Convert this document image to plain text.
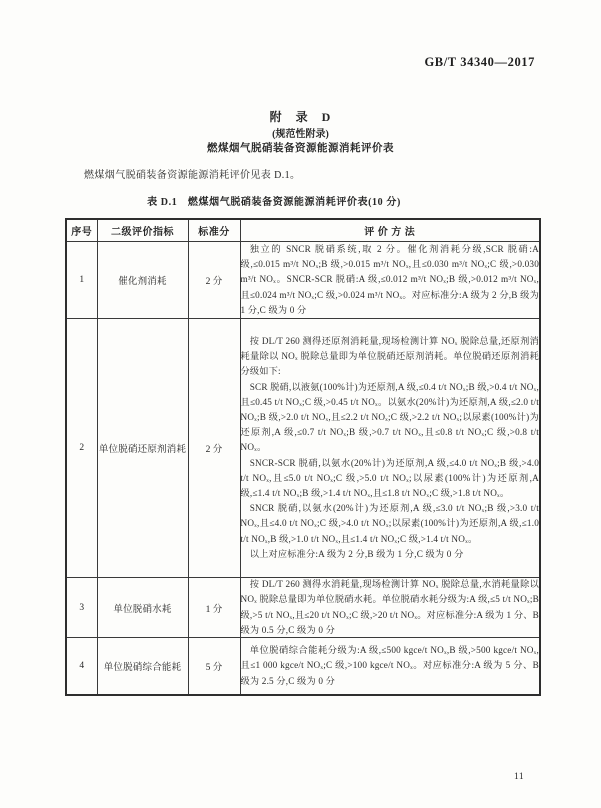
GB/T 34340—2017
附　录　D
(规范性附录)
燃煤烟气脱硝装备资源能源消耗评价表

燃煤烟气脱硝装备资源能源消耗评价见表 D.1。

表 D.1　燃煤烟气脱硝装备资源能源消耗评价表(10 分)
序号	二级评价指标	标准分	评 价 方 法
1	催化剂消耗	2 分	独立的 SNCR 脱硝系统,取 2 分。催化剂消耗分级,SCR 脱硝:A 级,≤0.015 m³/t NOₓ;B 级,>0.015 m³/t NOₓ,且≤0.030 m³/t NOₓ;C 级,>0.030 m³/t NOₓ。SNCR-SCR 脱硝:A 级,≤0.012 m³/t NOₓ;B 级,>0.012 m³/t NOₓ,且≤0.024 m³/t NOₓ;C 级,>0.024 m³/t NOₓ。对应标准分:A 级为 2 分,B 级为 1 分,C 级为 0 分

2	单位脱硝还原剂消耗	2 分	按 DL/T 260 测得还原剂消耗量,现场检测计算 NOₓ 脱除总量,还原剂消耗量除以 NOₓ 脱除总量即为单位脱硝还原剂消耗。单位脱硝还原剂消耗分级如下:

SCR 脱硝,以液氨(100%计)为还原剂,A 级,≤0.4 t/t NOₓ;B 级,>0.4 t/t NOₓ,且≤0.45 t/t NOₓ;C 级,>0.45 t/t NOₓ。以氨水(20%计)为还原剂,A 级,≤2.0 t/t NOₓ;B 级,>2.0 t/t NOₓ,且≤2.2 t/t NOₓ;C 级,>2.2 t/t NOₓ;以尿素(100%计)为还原剂,A 级,≤0.7 t/t NOₓ;B 级,>0.7 t/t NOₓ,且≤0.8 t/t NOₓ;C 级,>0.8 t/t NOₓ。

SNCR-SCR 脱硝,以氨水(20%计)为还原剂,A 级,≤4.0 t/t NOₓ;B 级,>4.0 t/t NOₓ,且≤5.0 t/t NOₓ;C 级,>5.0 t/t NOₓ;以尿素(100%计)为还原剂,A 级,≤1.4 t/t NOₓ;B 级,>1.4 t/t NOₓ,且≤1.8 t/t NOₓ;C 级,>1.8 t/t NOₓ。

SNCR 脱硝,以氨水(20%计)为还原剂,A 级,≤3.0 t/t NOₓ;B 级,>3.0 t/t NOₓ,且≤4.0 t/t NOₓ;C 级,>4.0 t/t NOₓ;以尿素(100%计)为还原剂,A 级,≤1.0 t/t NOₓ,B 级,>1.0 t/t NOₓ,且≤1.4 t/t NOₓ;C 级,>1.4 t/t NOₓ。

以上对应标准分:A 级为 2 分,B 级为 1 分,C 级为 0 分

3	单位脱硝水耗	1 分	按 DL/T 260 测得水消耗量,现场检测计算 NOₓ 脱除总量,水消耗量除以 NOₓ 脱除总量即为单位脱硝水耗。单位脱硝水耗分级为:A 级,≤5 t/t NOₓ;B 级,>5 t/t NOₓ,且≤20 t/t NOₓ;C 级,>20 t/t NOₓ。对应标准分:A 级为 1 分、B 级为 0.5 分,C 级为 0 分

4	单位脱硝综合能耗	5 分	单位脱硝综合能耗分级为:A 级,≤500 kgce/t NOₓ,B 级,>500 kgce/t NOₓ,且≤1 000 kgce/t NOₓ;C 级,>100 kgce/t NOₓ。对应标准分:A 级为 5 分、B 级为 2.5 分,C 级为 0 分

11
